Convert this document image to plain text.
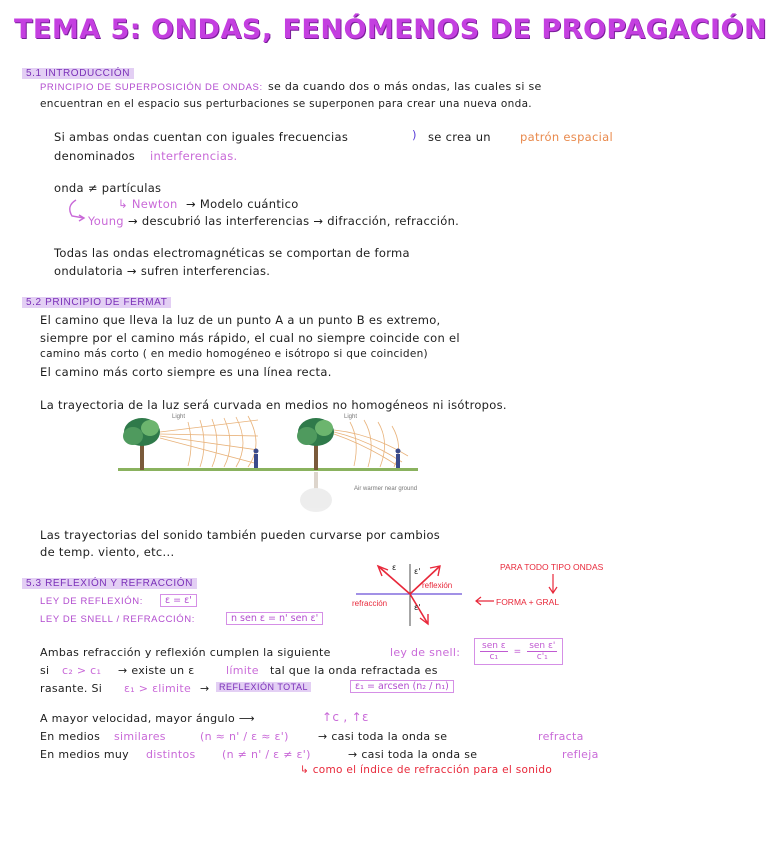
TEMA 5: ONDAS, FENÓMENOS DE PROPAGACIÓN
5.1 INTRODUCCIÓN
PRINCIPIO DE SUPERPOSICIÓN DE ONDAS: se da cuando dos o más ondas, las cuales si se
encuentran en el espacio sus perturbaciones se superponen para crear una nueva onda.
Si ambas ondas cuentan con iguales frecuencias	) se crea un	patrón espacial
denominados interferencias.
onda ≠ partículas
↳ Newton → Modelo cuántico
Young → descubrió las interferencias → difracción, refracción.
Todas las ondas electromagnéticas se comportan de forma
ondulatoria → sufren interferencias.
5.2 PRINCIPIO DE FERMAT
El camino que lleva la luz de un punto A a un punto B es extremo,
siempre por el camino más rápido, el cual no siempre coincide con el
camino más corto ( en medio homogéneo e isótropo si que coinciden)
El camino más corto siempre es una línea recta.
La trayectoria de la luz será curvada en medios no homogéneos ni isótropos.
Light	Light
Air warmer near ground
Las trayectorias del sonido también pueden curvarse por cambios
de temp. viento, etc...
5.3 REFLEXIÓN Y REFRACCIÓN
LEY DE REFLEXIÓN:	ε = ε'
LEY DE SNELL / REFRACCIÓN:	n sen ε = n' sen ε'
ε ε'
ε'
reflexión
refracción
PARA TODO TIPO ONDAS
FORMA + GRAL
Ambas refracción y reflexión cumplen la siguiente	ley de snell: sen ε
c₁
=
sen ε'
c'₁
si c₂ > c₁ → existe un ε	límite tal que la onda refractada es
rasante. Si ε₁ > εlimite →	REFLEXIÓN TOTAL	ε₁ = arcsen (n₂ / n₁)
A mayor velocidad, mayor ángulo ⟶	↑c , ↑ε
En medios similares	(n ≈ n' / ε ≈ ε')	→ casi toda la onda se	refracta
En medios muy distintos (n ≠ n' / ε ≠ ε')	→ casi toda la onda se	refleja
↳ como el índice de refracción para el sonido
